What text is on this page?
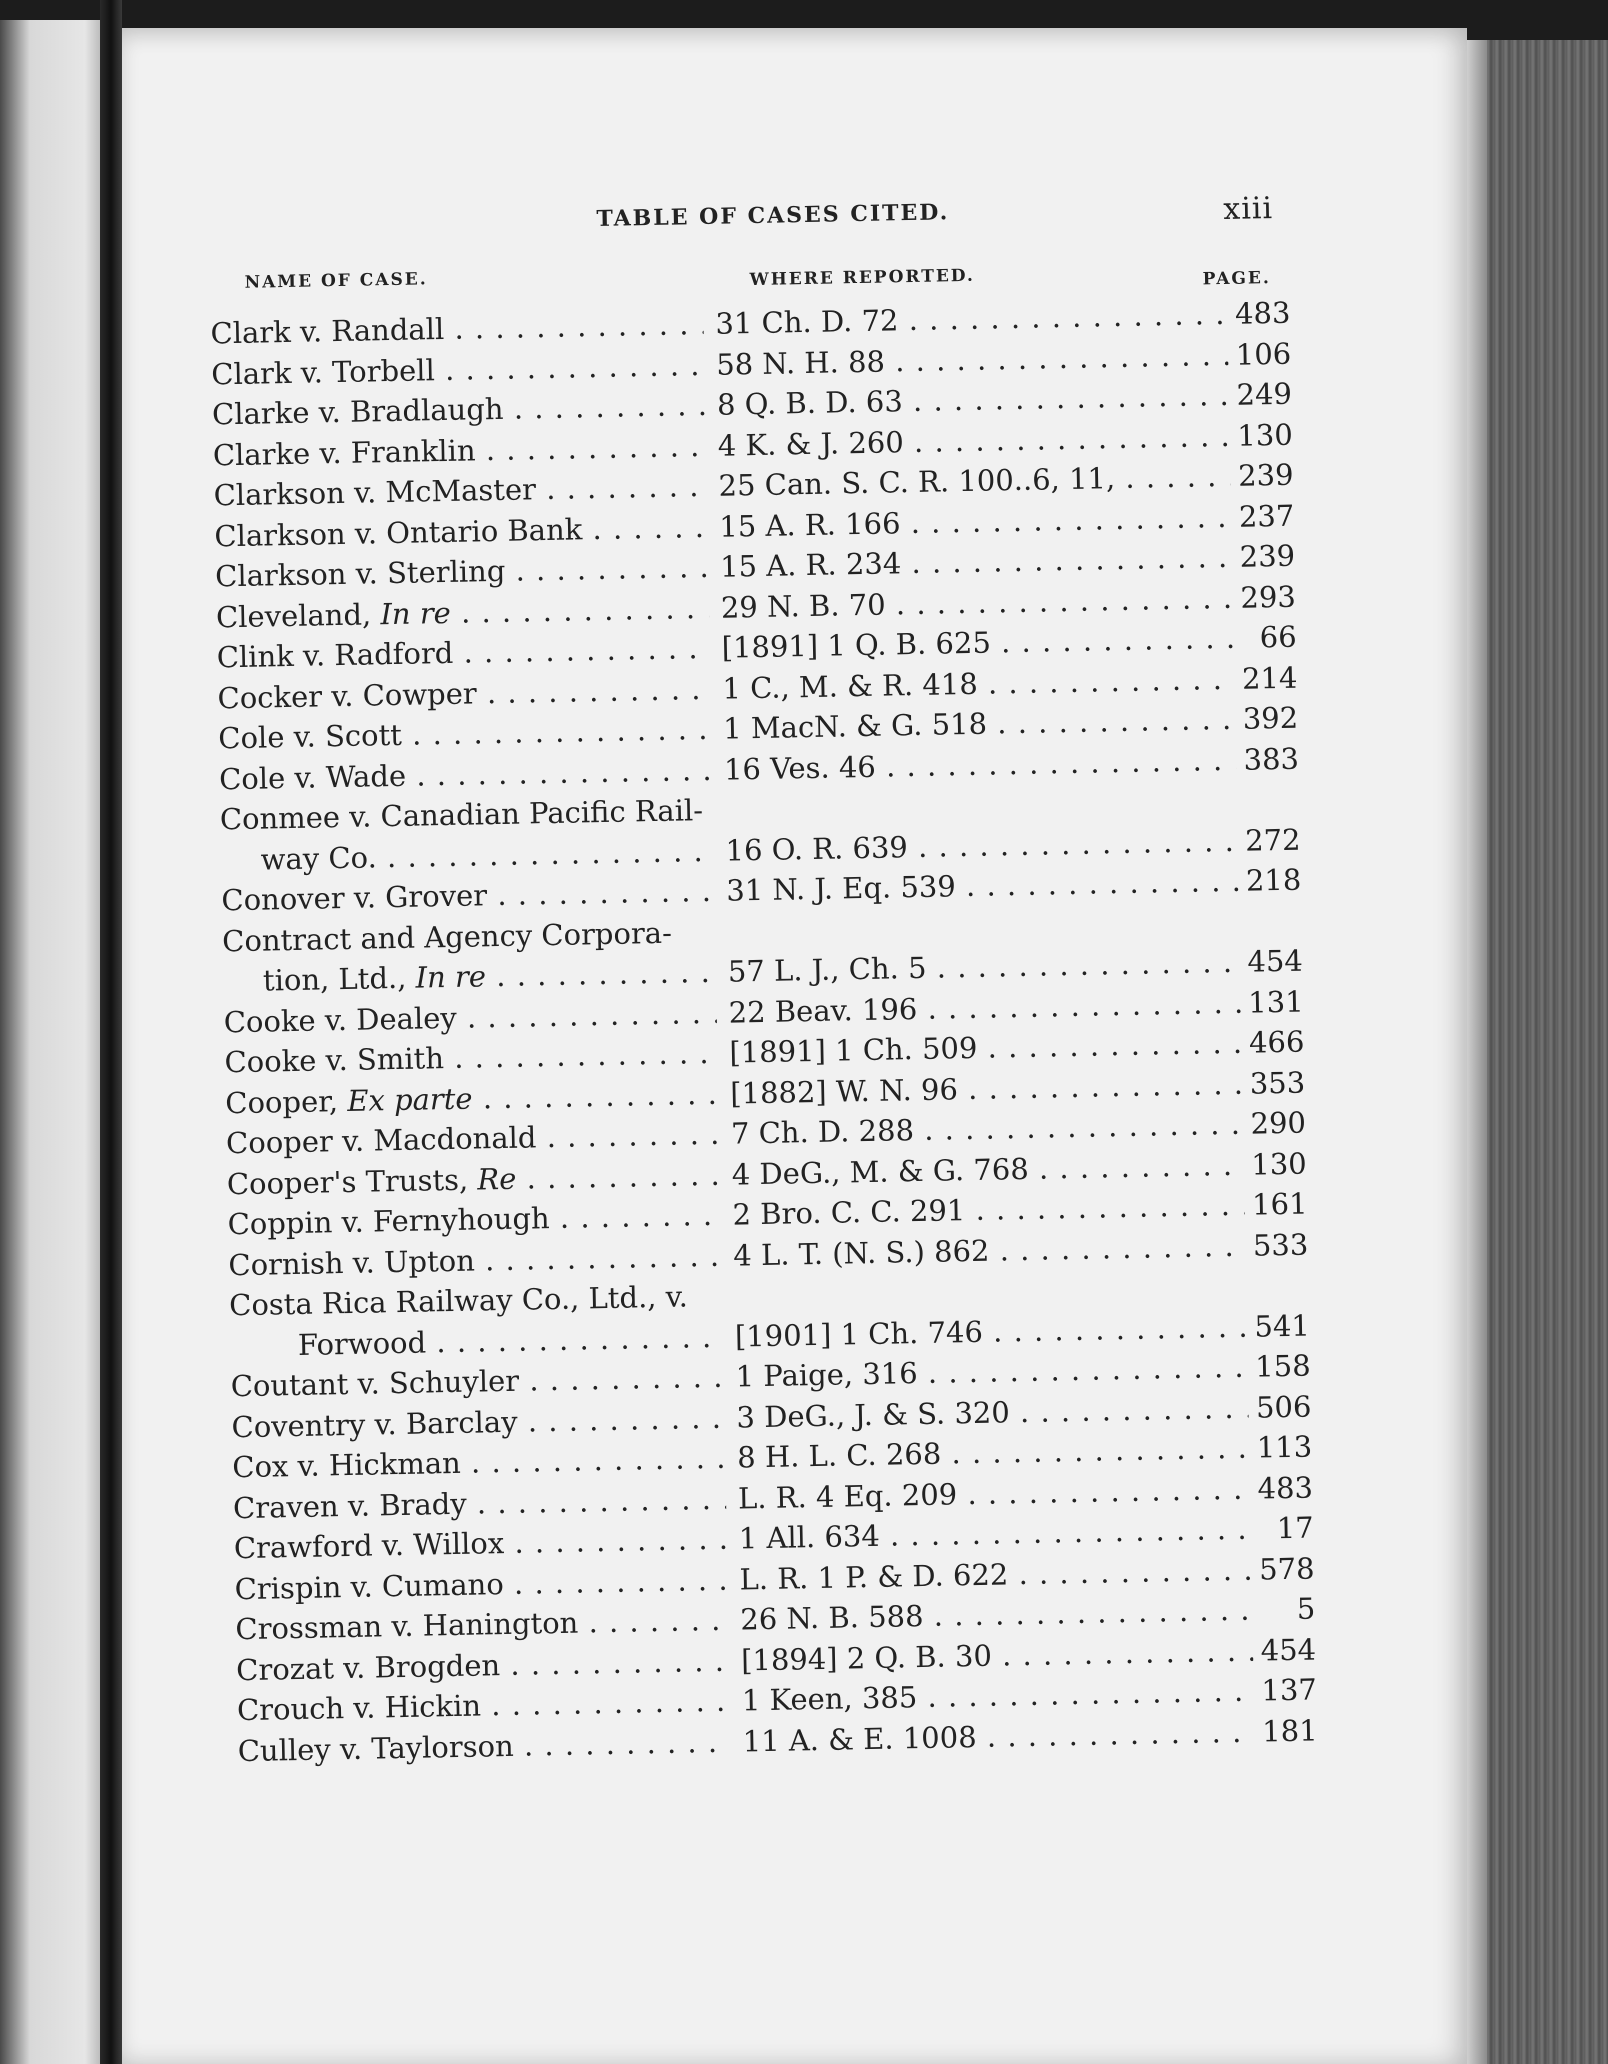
TABLE OF CASES CITED.	xiii
NAME OF CASE.	WHERE REPORTED.	PAGE.
Clark v. Randall . . .	31 Ch. D. 72 . . .	483
Clark v. Torbell . . .	58 N. H. 88 . . .	106
Clarke v. Bradlaugh . . .	8 Q. B. D. 63 . . .	249
Clarke v. Franklin . . .	4 K. & J. 260 . . .	130
Clarkson v. McMaster . . .	25 Can. S. C. R. 100..6, 11, . . .	239
Clarkson v. Ontario Bank . . .	15 A. R. 166 . . .	237
Clarkson v. Sterling . . .	15 A. R. 234 . . .	239
Cleveland, In re . . .	29 N. B. 70 . . .	293
Clink v. Radford . . .	[1891] 1 Q. B. 625 . . .	66
Cocker v. Cowper . . .	1 C., M. & R. 418 . . .	214
Cole v. Scott . . .	1 MacN. & G. 518 . . .	392
Cole v. Wade . . .	16 Ves. 46 . . .	383
Conmee v. Canadian Pacific Rail-
way Co. . . .	16 O. R. 639 . . .	272
Conover v. Grover . . .	31 N. J. Eq. 539 . . .	218
Contract and Agency Corpora-
tion, Ltd., In re . . .	57 L. J., Ch. 5 . . .	454
Cooke v. Dealey . . .	22 Beav. 196 . . .	131
Cooke v. Smith . . .	[1891] 1 Ch. 509 . . .	466
Cooper, Ex parte . . .	[1882] W. N. 96 . . .	353
Cooper v. Macdonald . . .	7 Ch. D. 288 . . .	290
Cooper's Trusts, Re . . .	4 DeG., M. & G. 768 . . .	130
Coppin v. Fernyhough . . .	2 Bro. C. C. 291 . . .	161
Cornish v. Upton . . .	4 L. T. (N. S.) 862 . . .	533
Costa Rica Railway Co., Ltd., v.
Forwood . . .	[1901] 1 Ch. 746 . . .	541
Coutant v. Schuyler . . .	1 Paige, 316 . . .	158
Coventry v. Barclay . . .	3 DeG., J. & S. 320 . . .	506
Cox v. Hickman . . .	8 H. L. C. 268 . . .	113
Craven v. Brady . . .	L. R. 4 Eq. 209 . . .	483
Crawford v. Willox . . .	1 All. 634 . . .	17
Crispin v. Cumano . . .	L. R. 1 P. & D. 622 . . .	578
Crossman v. Hanington . . .	26 N. B. 588 . . .	5
Crozat v. Brogden . . .	[1894] 2 Q. B. 30 . . .	454
Crouch v. Hickin . . .	1 Keen, 385 . . .	137
Culley v. Taylorson . . .	11 A. & E. 1008 . . .	181
